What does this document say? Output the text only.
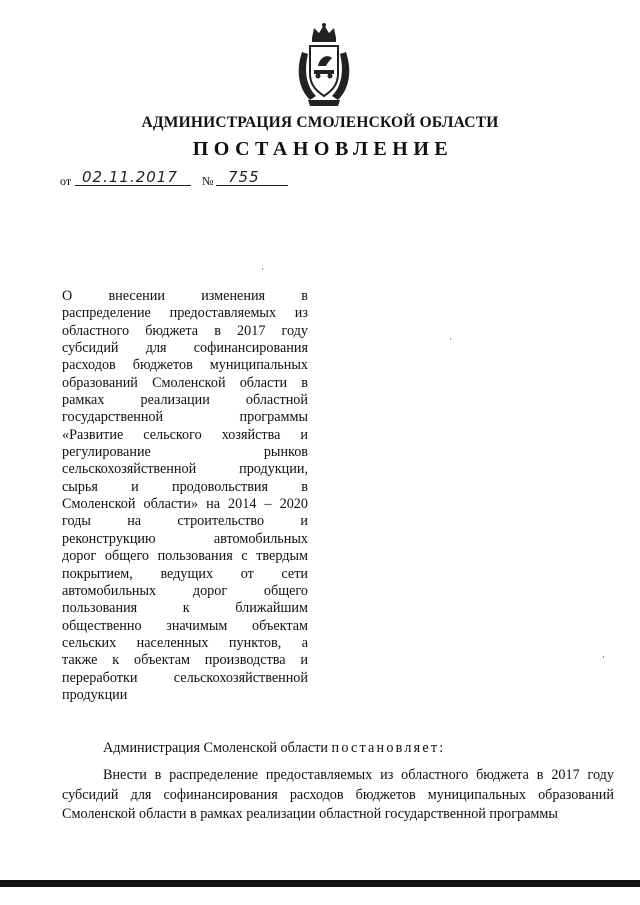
АДМИНИСТРАЦИЯ СМОЛЕНСКОЙ ОБЛАСТИ
ПОСТАНОВЛЕНИЕ
от 02.11.2017 № 755

О внесении изменения в

распределение предоставляемых из

областного бюджета в 2017 году

субсидий для софинансирования

расходов бюджетов муниципальных

образований Смоленской области в

рамках реализации областной

государственной программы

«Развитие сельского хозяйства и

регулирование рынков

сельскохозяйственной продукции,

сырья и продовольствия в

Смоленской области» на 2014 – 2020

годы на строительство и

реконструкцию автомобильных

дорог общего пользования с твердым

покрытием, ведущих от сети

автомобильных дорог общего

пользования к ближайшим

общественно значимым объектам

сельских населенных пунктов, а

также к объектам производства и

переработки сельскохозяйственной

продукции

Администрация Смоленской области постановляет:

Внести в распределение предоставляемых из областного бюджета в 2017 году субсидий для софинансирования расходов бюджетов муниципальных образований Смоленской области в рамках реализации областной государственной программы
